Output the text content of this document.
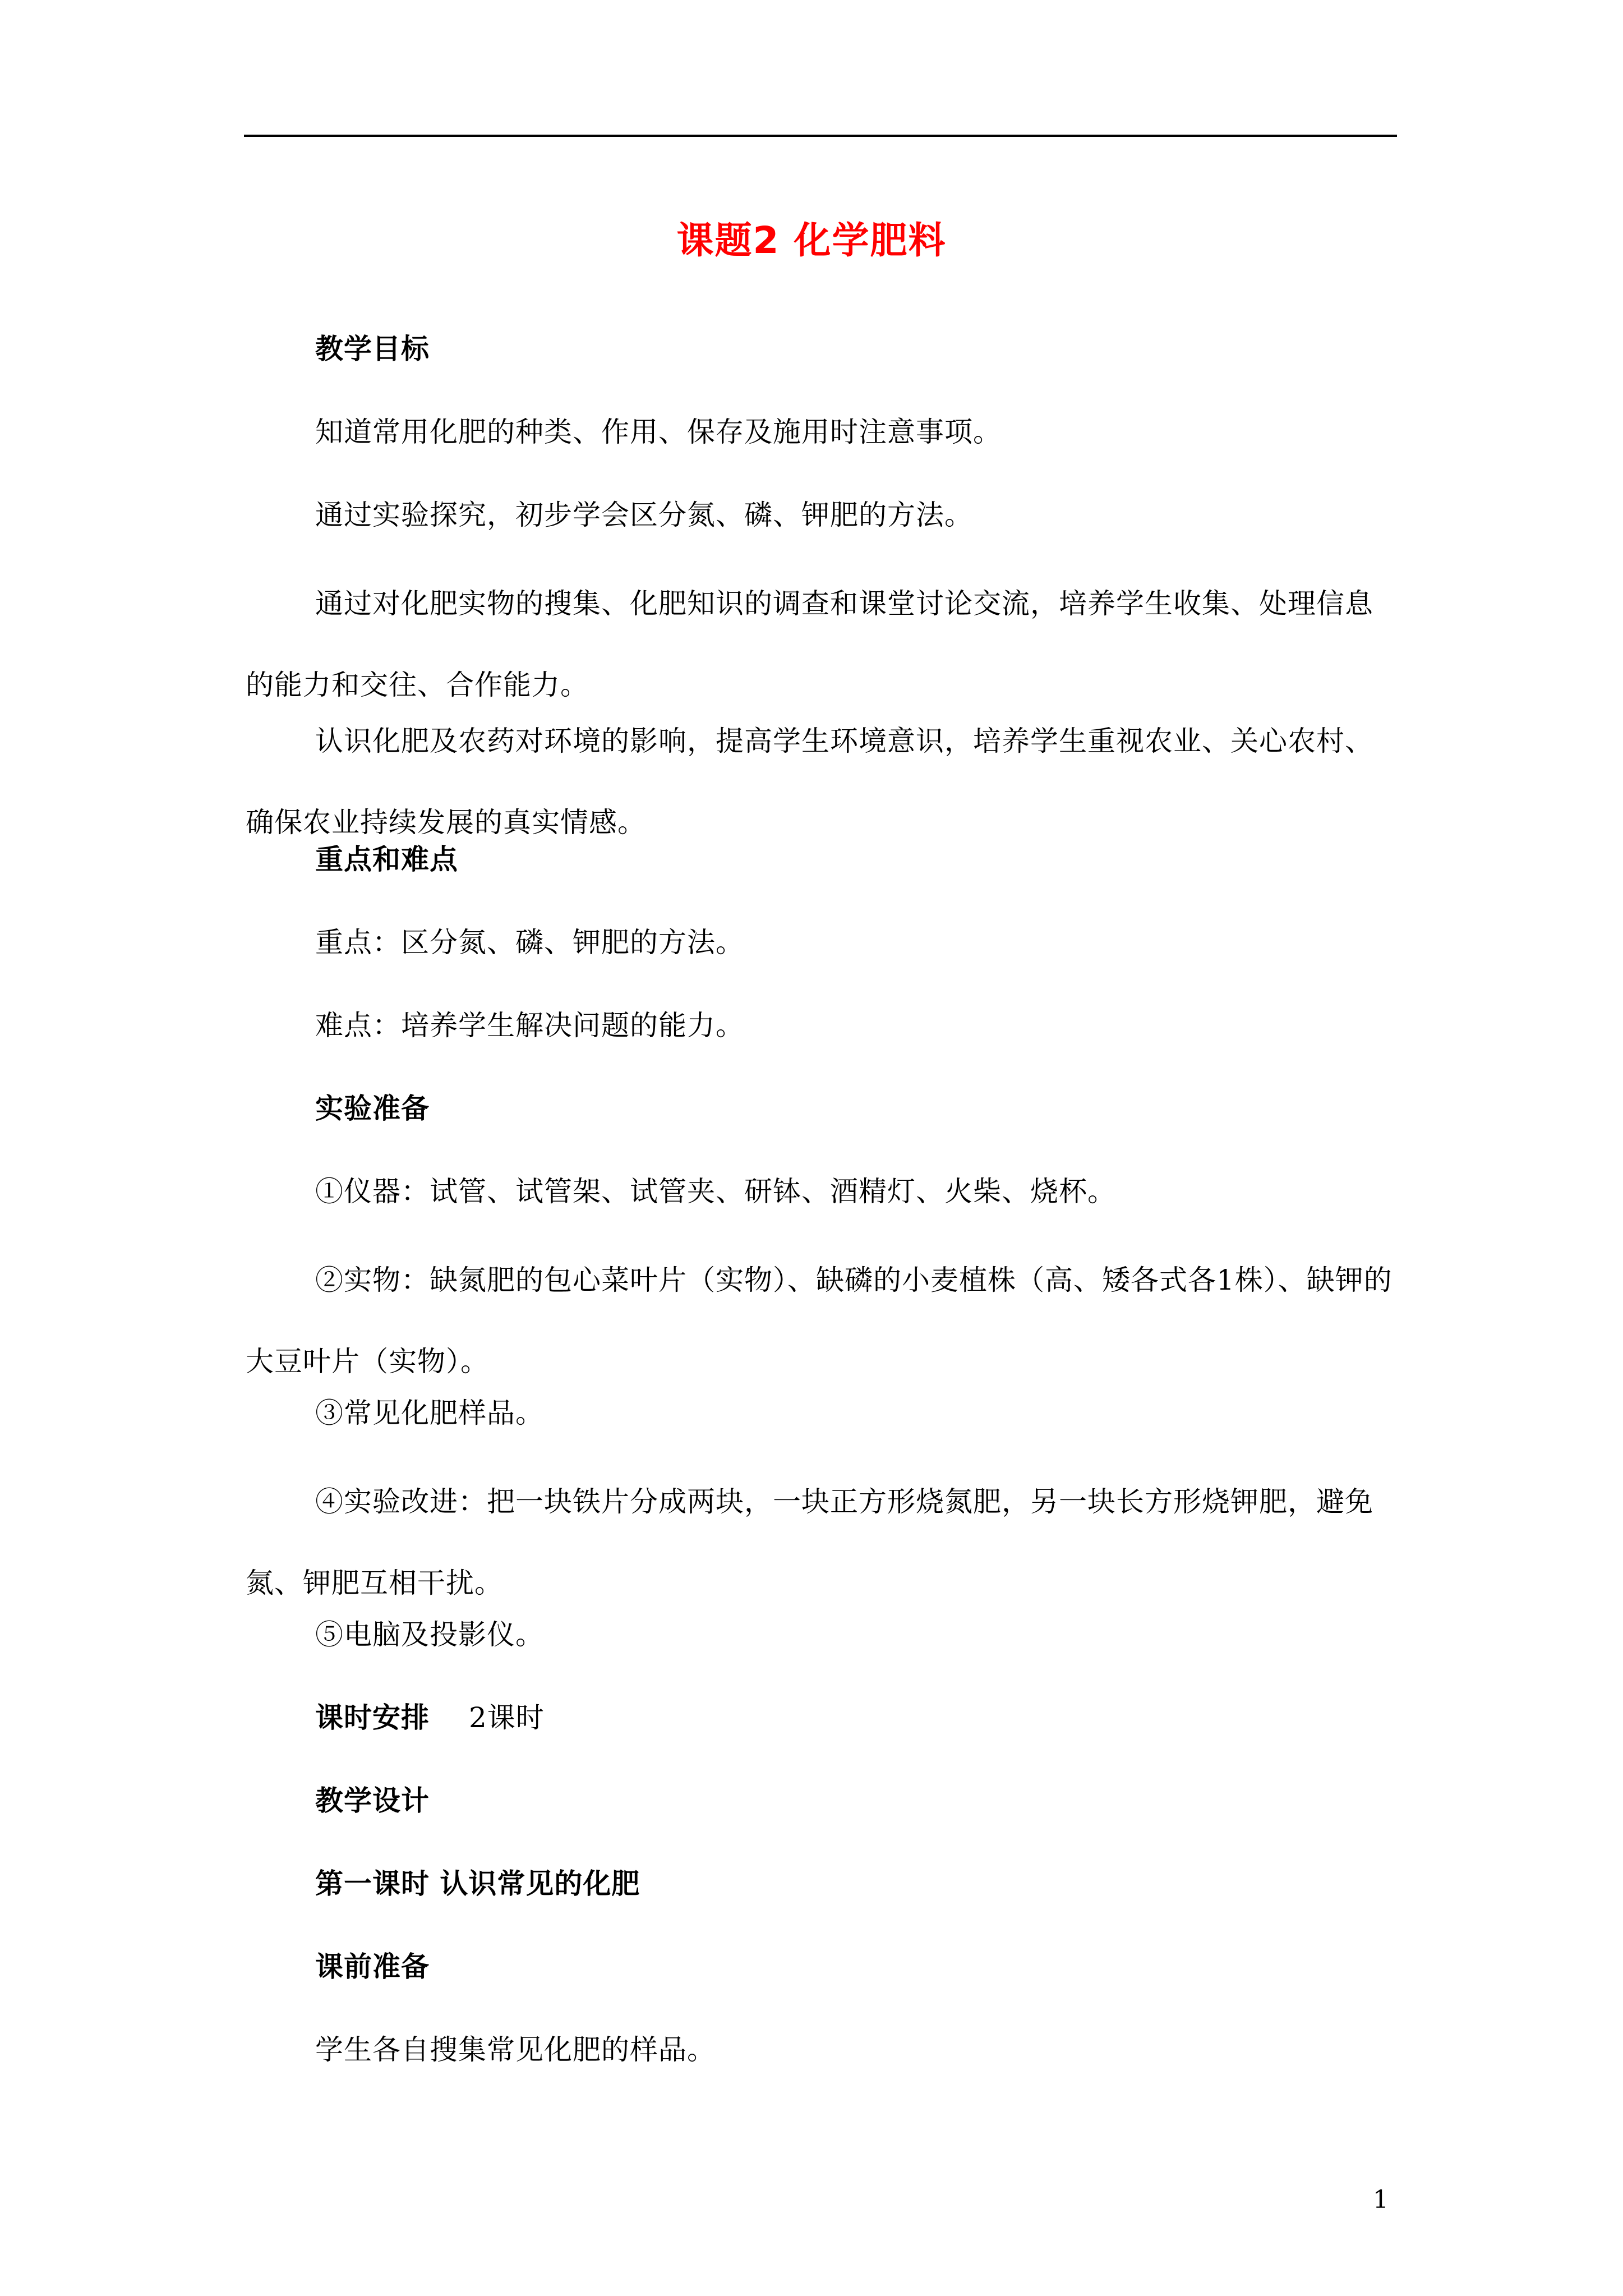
课题2 化学肥料
教学目标
知道常用化肥的种类、作用、保存及施用时注意事项。
通过实验探究，初步学会区分氮、磷、钾肥的方法。
通过对化肥实物的搜集、化肥知识的调查和课堂讨论交流，培养学生收集、处理信息的能力和交往、合作能力。
认识化肥及农药对环境的影响，提高学生环境意识，培养学生重视农业、关心农村、确保农业持续发展的真实情感。
重点和难点
重点：区分氮、磷、钾肥的方法。
难点：培养学生解决问题的能力。
实验准备
①仪器：试管、试管架、试管夹、研钵、酒精灯、火柴、烧杯。
②实物：缺氮肥的包心菜叶片（实物）、缺磷的小麦植株（高、矮各式各1株）、缺钾的大豆叶片（实物）。
③常见化肥样品。
④实验改进：把一块铁片分成两块，一块正方形烧氮肥，另一块长方形烧钾肥，避免氮、钾肥互相干扰。
⑤电脑及投影仪。
课时安排 2课时
教学设计
第一课时 认识常见的化肥
课前准备
学生各自搜集常见化肥的样品。
1
